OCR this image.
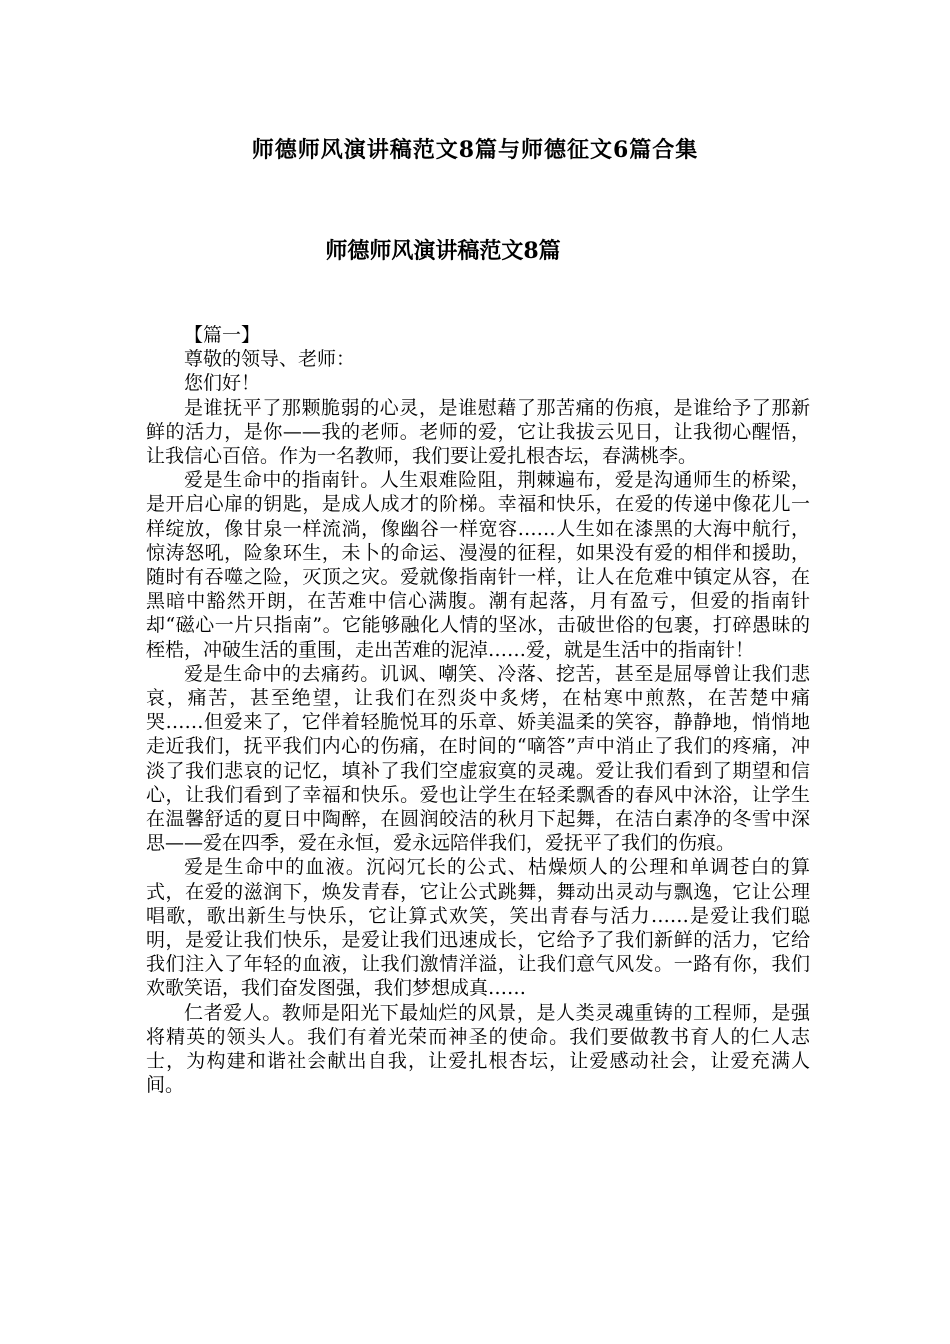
师德师风演讲稿范文8篇与师德征文6篇合集
师德师风演讲稿范文8篇

【篇一】

尊敬的领导、老师：

您们好！

是谁抚平了那颗脆弱的心灵，是谁慰藉了那苦痛的伤痕，是谁给予了那新鲜的活力，是你——我的老师。老师的爱，它让我拔云见日，让我彻心醒悟，让我信心百倍。作为一名教师，我们要让爱扎根杏坛，春满桃李。

爱是生命中的指南针。人生艰难险阻，荆棘遍布，爱是沟通师生的桥梁，是开启心扉的钥匙，是成人成才的阶梯。幸福和快乐，在爱的传递中像花儿一样绽放，像甘泉一样流淌，像幽谷一样宽容……人生如在漆黑的大海中航行，惊涛怒吼，险象环生，未卜的命运、漫漫的征程，如果没有爱的相伴和援助，随时有吞噬之险，灭顶之灾。爱就像指南针一样，让人在危难中镇定从容，在黑暗中豁然开朗，在苦难中信心满腹。潮有起落，月有盈亏，但爱的指南针却“磁心一片只指南”。它能够融化人情的坚冰，击破世俗的包裹，打碎愚昧的桎梏，冲破生活的重围，走出苦难的泥淖……爱，就是生活中的指南针！

爱是生命中的去痛药。讥讽、嘲笑、冷落、挖苦，甚至是屈辱曾让我们悲哀，痛苦，甚至绝望，让我们在烈炎中炙烤，在枯寒中煎熬，在苦楚中痛哭……但爱来了，它伴着轻脆悦耳的乐章、娇美温柔的笑容，静静地，悄悄地走近我们，抚平我们内心的伤痛，在时间的“嘀答”声中消止了我们的疼痛，冲淡了我们悲哀的记忆，填补了我们空虚寂寞的灵魂。爱让我们看到了期望和信心，让我们看到了幸福和快乐。爱也让学生在轻柔飘香的春风中沐浴，让学生在温馨舒适的夏日中陶醉，在圆润皎洁的秋月下起舞，在洁白素净的冬雪中深思——爱在四季，爱在永恒，爱永远陪伴我们，爱抚平了我们的伤痕。

爱是生命中的血液。沉闷冗长的公式、枯燥烦人的公理和单调苍白的算式，在爱的滋润下，焕发青春，它让公式跳舞，舞动出灵动与飘逸，它让公理唱歌，歌出新生与快乐，它让算式欢笑，笑出青春与活力……是爱让我们聪明，是爱让我们快乐，是爱让我们迅速成长，它给予了我们新鲜的活力，它给我们注入了年轻的血液，让我们激情洋溢，让我们意气风发。一路有你，我们欢歌笑语，我们奋发图强，我们梦想成真……

仁者爱人。教师是阳光下最灿烂的风景，是人类灵魂重铸的工程师，是强将精英的领头人。我们有着光荣而神圣的使命。我们要做教书育人的仁人志士，为构建和谐社会献出自我，让爱扎根杏坛，让爱感动社会，让爱充满人间。
